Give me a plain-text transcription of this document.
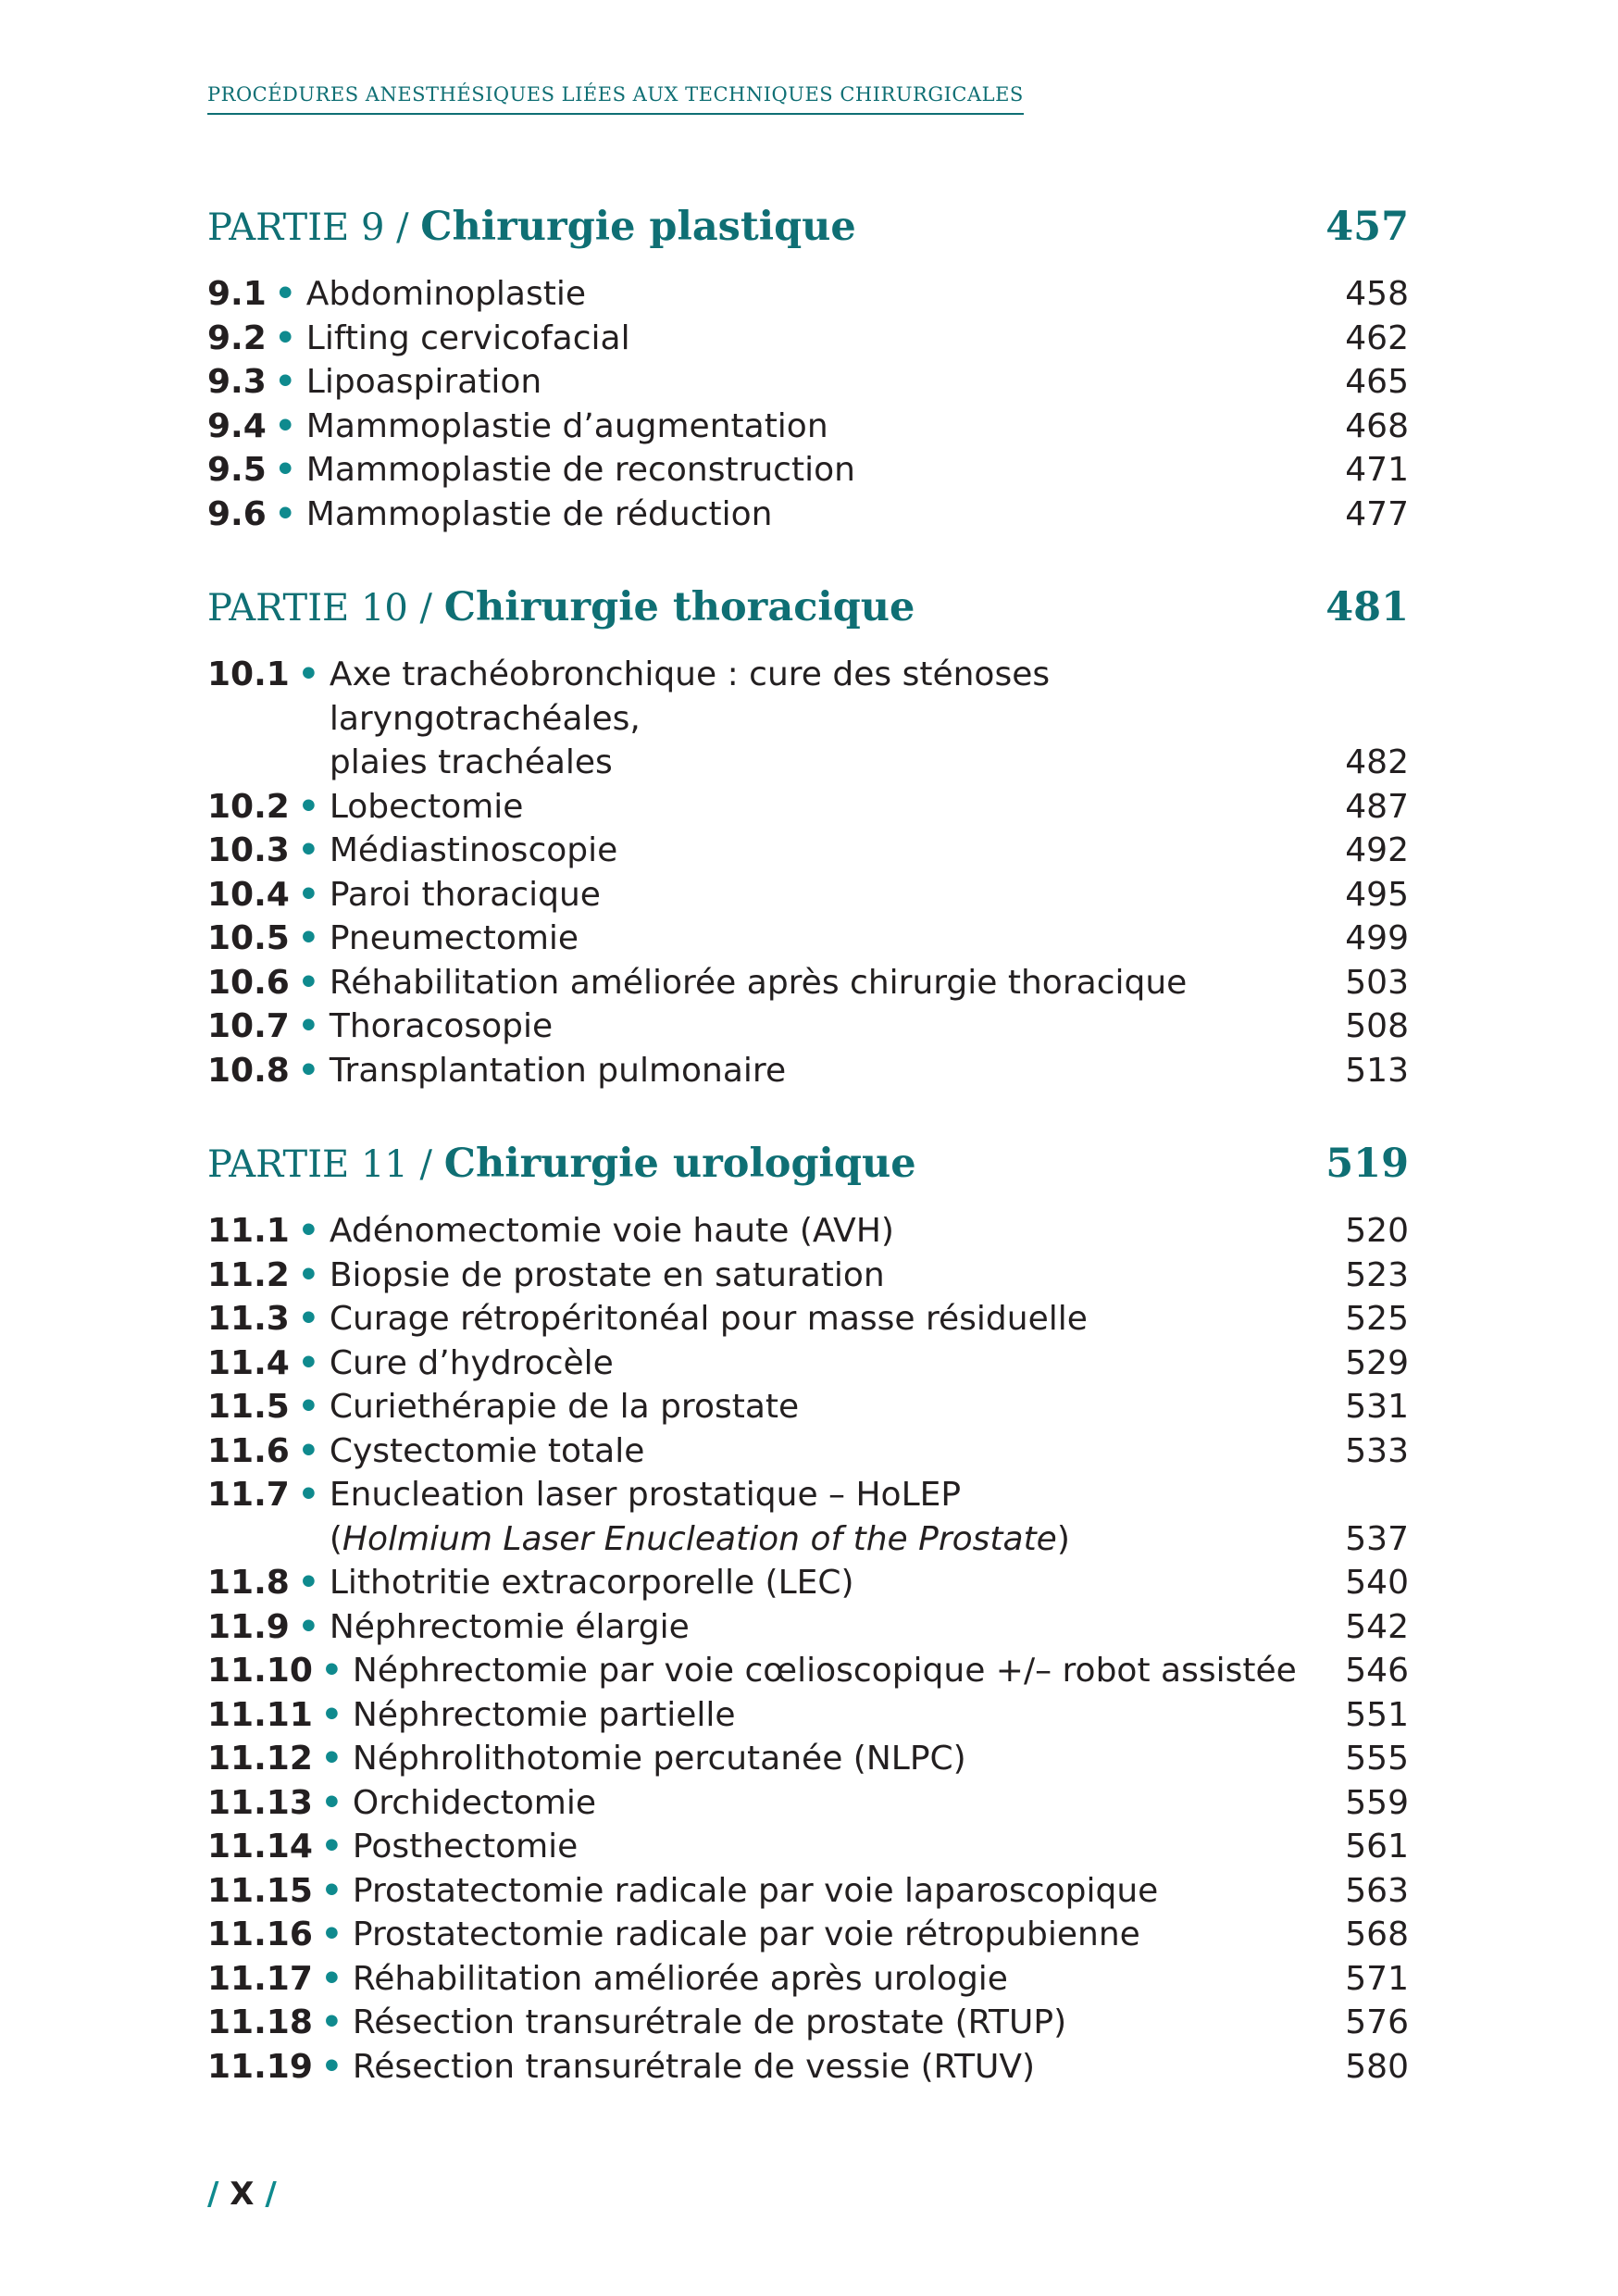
PROCÉDURES ANESTHÉSIQUES LIÉES AUX TECHNIQUES CHIRURGICALES
PARTIE 9 / Chirurgie plastique	457
9.1 • Abdominoplastie	458
9.2 • Lifting cervicofacial	462
9.3 • Lipoaspiration	465
9.4 • Mammoplastie d’augmentation	468
9.5 • Mammoplastie de reconstruction	471
9.6 • Mammoplastie de réduction	477
PARTIE 10 / Chirurgie thoracique	481
10.1 • Axe trachéobronchique : cure des sténoses laryngotrachéales,
plaies trachéales	482
10.2 • Lobectomie	487
10.3 • Médiastinoscopie	492
10.4 • Paroi thoracique	495
10.5 • Pneumectomie	499
10.6 • Réhabilitation améliorée après chirurgie thoracique	503
10.7 • Thoracosopie	508
10.8 • Transplantation pulmonaire	513
PARTIE 11 / Chirurgie urologique	519
11.1 • Adénomectomie voie haute (AVH)	520
11.2 • Biopsie de prostate en saturation	523
11.3 • Curage rétropéritonéal pour masse résiduelle	525
11.4 • Cure d’hydrocèle	529
11.5 • Curiethérapie de la prostate	531
11.6 • Cystectomie totale	533
11.7 • Enucleation laser prostatique – HoLEP
(Holmium Laser Enucleation of the Prostate)	537
11.8 • Lithotritie extracorporelle (LEC)	540
11.9 • Néphrectomie élargie	542
11.10 • Néphrectomie par voie cœlioscopique +/– robot assistée	546
11.11 • Néphrectomie partielle	551
11.12 • Néphrolithotomie percutanée (NLPC)	555
11.13 • Orchidectomie	559
11.14 • Posthectomie	561
11.15 • Prostatectomie radicale par voie laparoscopique	563
11.16 • Prostatectomie radicale par voie rétropubienne	568
11.17 • Réhabilitation améliorée après urologie	571
11.18 • Résection transurétrale de prostate (RTUP)	576
11.19 • Résection transurétrale de vessie (RTUV)	580
/ X /
